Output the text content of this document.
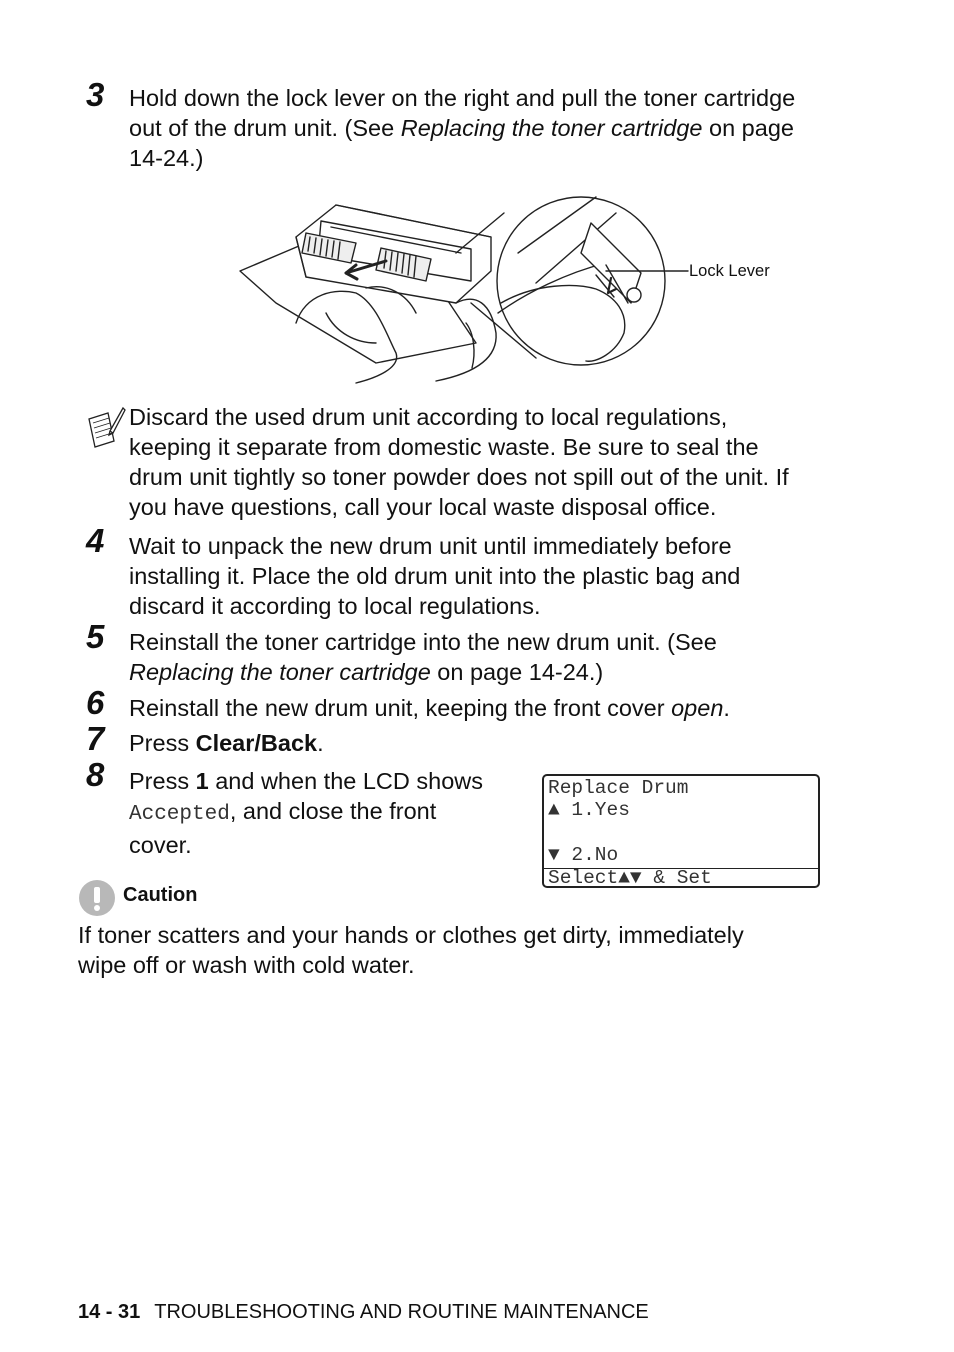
3	Hold down the lock lever on the right and pull the toner cartridge

out of the drum unit. (See Replacing the toner cartridge on page

14-24.)

Lock Lever

Discard the used drum unit according to local regulations,

keeping it separate from domestic waste. Be sure to seal the

drum unit tightly so toner powder does not spill out of the unit. If

you have questions, call your local waste disposal office.

4	Wait to unpack the new drum unit until immediately before

installing it. Place the old drum unit into the plastic bag and

discard it according to local regulations.

5	Reinstall the toner cartridge into the new drum unit. (See

Replacing the toner cartridge on page 14-24.)

6	Reinstall the new drum unit, keeping the front cover open.

7	Press Clear/Back.

8	Press 1 and when the LCD shows

Accepted, and close the front

cover.

Replace Drum
▲ 1.Yes
▼ 2.No
Select▲▼ & Set
Caution

If toner scatters and your hands or clothes get dirty, immediately

wipe off or wash with cold water.

14 - 31 TROUBLESHOOTING AND ROUTINE MAINTENANCE
